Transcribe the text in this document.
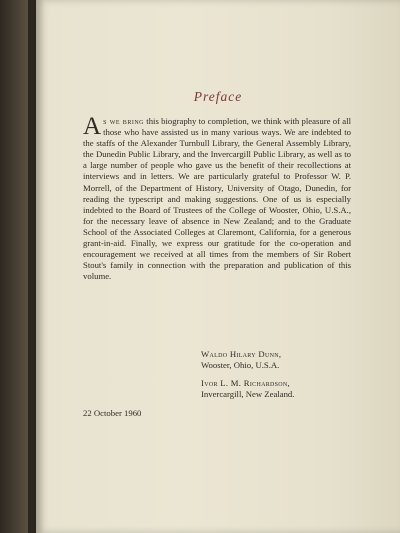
Preface
As we bring this biography to completion, we think with pleasure of all those who have assisted us in many various ways. We are indebted to the staffs of the Alexander Turnbull Library, the General Assembly Library, the Dunedin Public Library, and the Invercargill Public Library, as well as to a large number of people who gave us the benefit of their recollections at interviews and in letters. We are particularly grateful to Professor W. P. Morrell, of the Department of History, University of Otago, Dunedin, for reading the typescript and making suggestions. One of us is especially indebted to the Board of Trustees of the College of Wooster, Ohio, U.S.A., for the necessary leave of absence in New Zealand; and to the Graduate School of the Associated Colleges at Claremont, California, for a generous grant-in-aid. Finally, we express our gratitude for the co-operation and encouragement we received at all times from the members of Sir Robert Stout's family in connection with the preparation and publication of this volume.
Waldo Hilary Dunn,
Wooster, Ohio, U.S.A.
Ivor L. M. Richardson,
Invercargill, New Zealand.
22 October 1960
